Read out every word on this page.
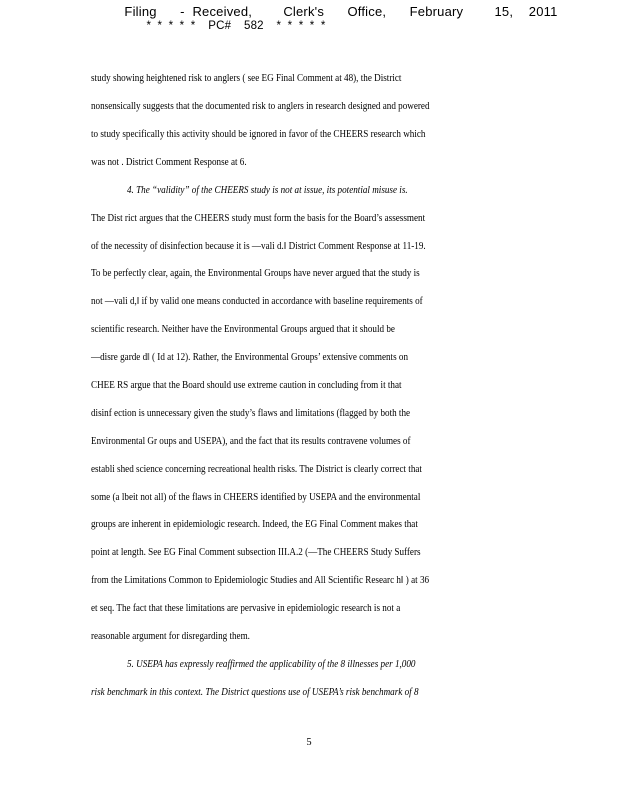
Filing   - Received,    Clerk's   Office,   February    15,  2011
* * * * *  PC#  582  * * * * *
study showing heightened risk to anglers ( see EG Final Comment at 48), the District
nonsensically suggests that the documented risk to anglers in research designed and powered
to study specifically this activity should be ignored in favor of the CHEERS research which
was not . District Comment Response at 6.
4. The “validity” of the CHEERS study is not at issue, its potential misuse is.
The Dist rict argues that the CHEERS study must form the basis for the Board’s assessment
of the necessity of disinfection because it is —vali d.‖ District Comment Response at 11-19.
To be perfectly clear, again, the Environmental Groups have never argued that the study is
not —vali d,‖ if by valid one means conducted in accordance with baseline requirements of
scientific research. Neither have the Environmental Groups argued that it should be
—disre garde d‖ ( Id at 12). Rather, the Environmental Groups’ extensive comments on
CHEE RS argue that the Board should use extreme caution in concluding from it that
disinf ection is unnecessary given the study’s flaws and limitations (flagged by both the
Environmental Gr oups and USEPA), and the fact that its results contravene volumes of
establi shed science concerning recreational health risks. The District is clearly correct that
some (a lbeit not all) of the flaws in CHEERS identified by USEPA and the environmental
groups are inherent in epidemiologic research. Indeed, the EG Final Comment makes that
point at length. See EG Final Comment subsection III.A.2 (—The CHEERS Study Suffers
from the Limitations Common to Epidemiologic Studies and All Scientific Researc h‖ ) at 36
et seq. The fact that these limitations are pervasive in epidemiologic research is not a
reasonable argument for disregarding them.
5. USEPA has expressly reaffirmed the applicability of the 8 illnesses per 1,000
risk benchmark in this context. The District questions use of USEPA’s risk benchmark of 8
5
